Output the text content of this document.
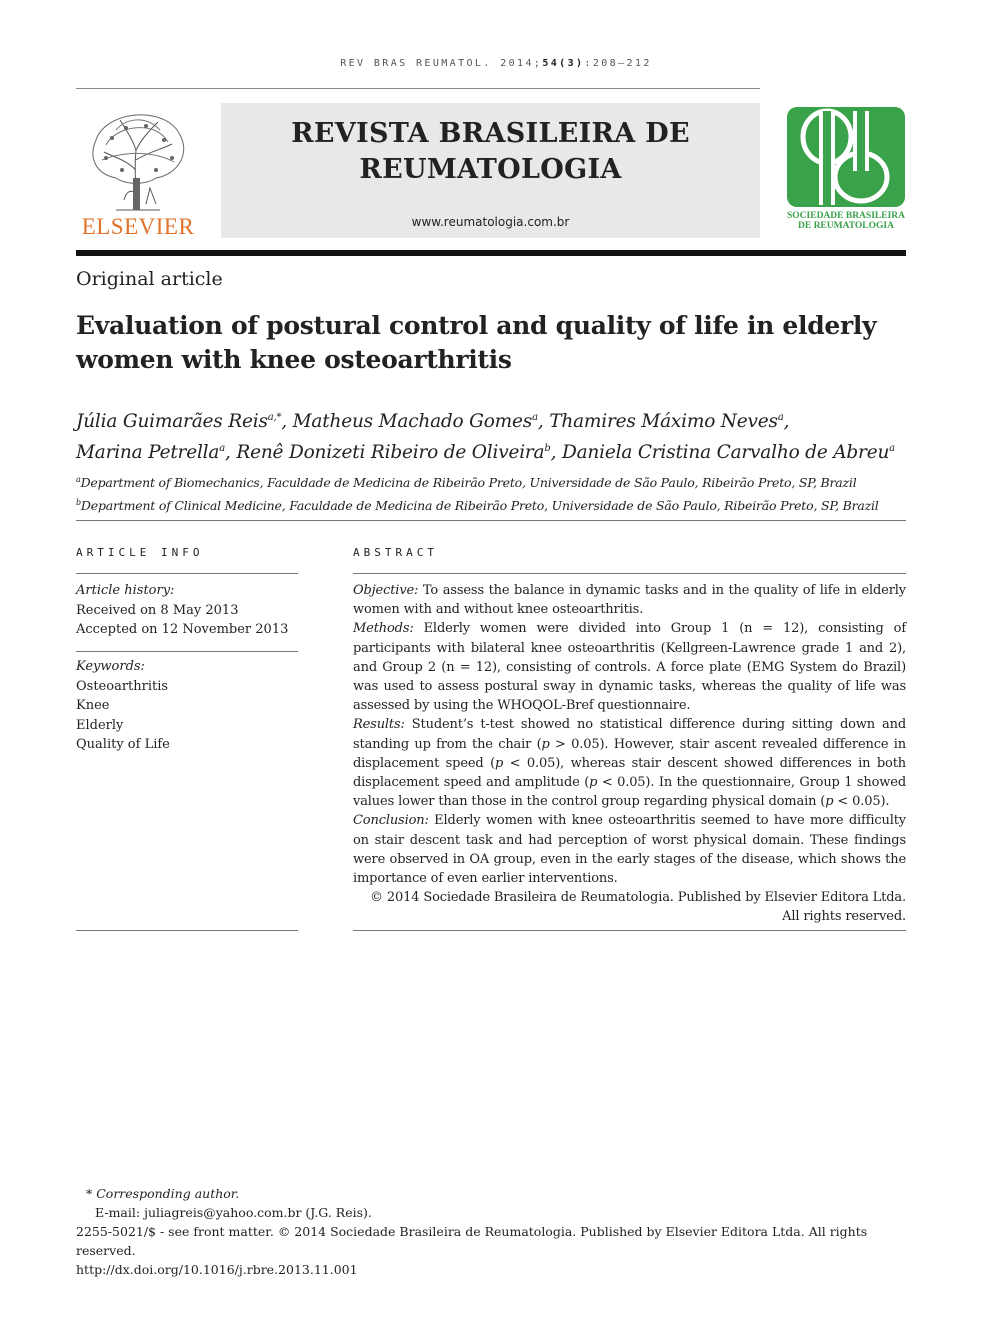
REV BRAS REUMATOL. 2014;54(3):208–212
ELSEVIER
REVISTA BRASILEIRA DE
REUMATOLOGIA
www.reumatologia.com.br	SOCIEDADE BRASILEIRA
DE REUMATOLOGIA
Original article
Evaluation of postural control and quality of life in elderly women with knee osteoarthritis
Júlia Guimarães Reis$^{a,*}$, Matheus Machado Gomes$^a$, Thamires Máximo Neves$^a$,
Marina Petrella$^a$, Renê Donizeti Ribeiro de Oliveira$^b$, Daniela Cristina Carvalho de Abreu$^a$
$^a$Department of Biomechanics, Faculdade de Medicina de Ribeirão Preto, Universidade de São Paulo, Ribeirão Preto, SP, Brazil
$^b$Department of Clinical Medicine, Faculdade de Medicina de Ribeirão Preto, Universidade de São Paulo, Ribeirão Preto, SP, Brazil
ARTICLE INFO
Article history:
Received on 8 May 2013
Accepted on 12 November 2013
Keywords:
Osteoarthritis
Knee
Elderly
Quality of Life
ABSTRACT

Objective: To assess the balance in dynamic tasks and in the quality of life in elderly women with and without knee osteoarthritis.

Methods: Elderly women were divided into Group 1 (n = 12), consisting of participants with bilateral knee osteoarthritis (Kellgreen-Lawrence grade 1 and 2), and Group 2 (n = 12), consisting of controls. A force plate (EMG System do Brazil) was used to assess postural sway in dynamic tasks, whereas the quality of life was assessed by using the WHOQOL-Bref questionnaire.

Results: Student’s t-test showed no statistical difference during sitting down and standing up from the chair (p > 0.05). However, stair ascent revealed difference in displacement speed (p < 0.05), whereas stair descent showed differences in both displacement speed and amplitude (p < 0.05). In the questionnaire, Group 1 showed values lower than those in the control group regarding physical domain (p < 0.05).

Conclusion: Elderly women with knee osteoarthritis seemed to have more difficulty on stair descent task and had perception of worst physical domain. These findings were observed in OA group, even in the early stages of the disease, which shows the importance of even earlier interventions.

© 2014 Sociedade Brasileira de Reumatologia. Published by Elsevier Editora Ltda.
All rights reserved.

* Corresponding author.

E-mail: juliagreis@yahoo.com.br (J.G. Reis).

2255-5021/$ - see front matter. © 2014 Sociedade Brasileira de Reumatologia. Published by Elsevier Editora Ltda. All rights reserved.

http://dx.doi.org/10.1016/j.rbre.2013.11.001
